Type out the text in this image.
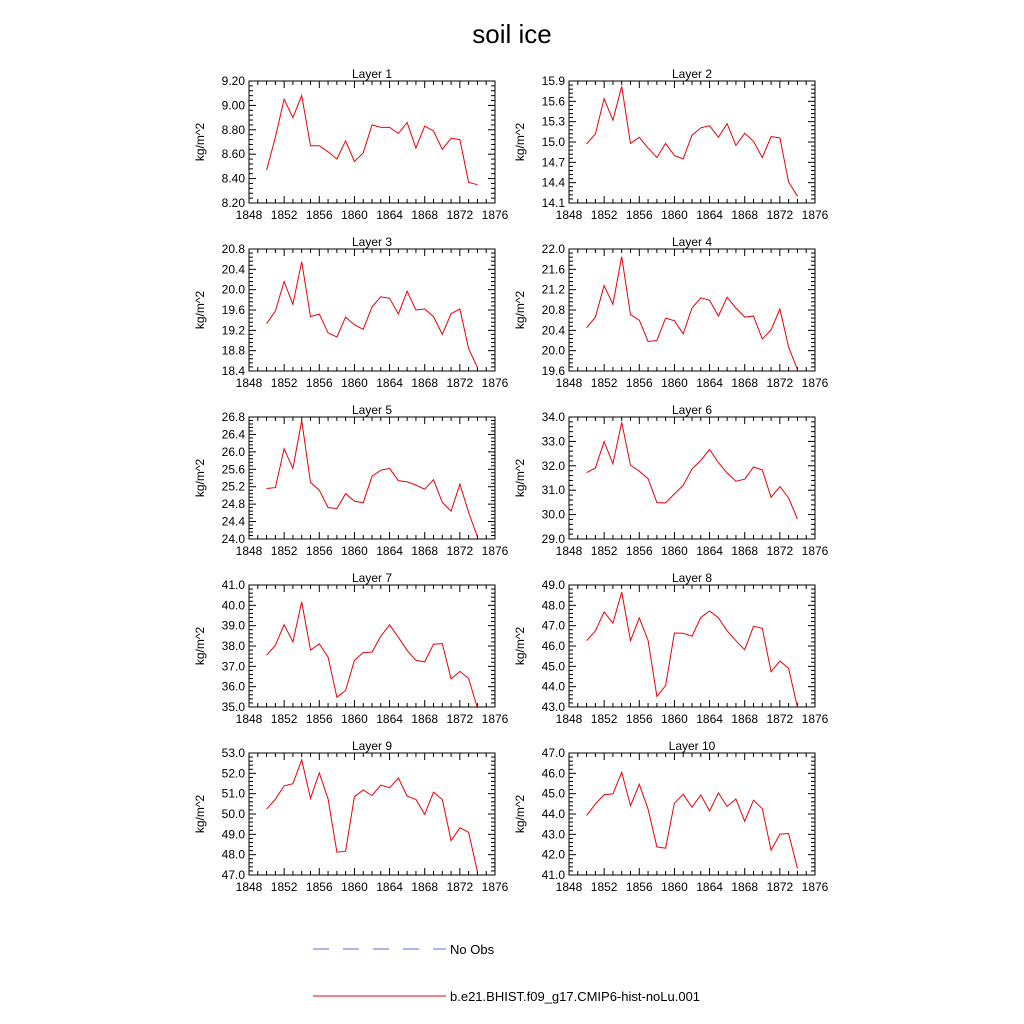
soil ice
Layer 1
kg/m^2
1848 1852 1856 1860 1864 1868 1872 1876
8.20
8.40
8.60
8.80
9.00
9.20	Layer 2
kg/m^2
1848 1852 1856 1860 1864 1868 1872 1876
14.1
14.4
14.7
15.0
15.3
15.6
15.9
Layer 3
kg/m^2
1848 1852 1856 1860 1864 1868 1872 1876
18.4
18.8
19.2
19.6
20.0
20.4
20.8	Layer 4
kg/m^2
1848 1852 1856 1860 1864 1868 1872 1876
19.6
20.0
20.4
20.8
21.2
21.6
22.0
Layer 5
kg/m^2
1848 1852 1856 1860 1864 1868 1872 1876
24.0
24.4
24.8
25.2
25.6
26.0
26.4
26.8	Layer 6
kg/m^2
1848 1852 1856 1860 1864 1868 1872 1876
29.0
30.0
31.0
32.0
33.0
34.0
Layer 7
kg/m^2
1848 1852 1856 1860 1864 1868 1872 1876
35.0
36.0
37.0
38.0
39.0
40.0
41.0	Layer 8
kg/m^2
1848 1852 1856 1860 1864 1868 1872 1876
43.0
44.0
45.0
46.0
47.0
48.0
49.0
Layer 9
kg/m^2
1848 1852 1856 1860 1864 1868 1872 1876
47.0
48.0
49.0
50.0
51.0
52.0
53.0	Layer 10
kg/m^2
1848 1852 1856 1860 1864 1868 1872 1876
41.0
42.0
43.0
44.0
45.0
46.0
47.0
No Obs
b.e21.BHIST.f09_g17.CMIP6-hist-noLu.001
